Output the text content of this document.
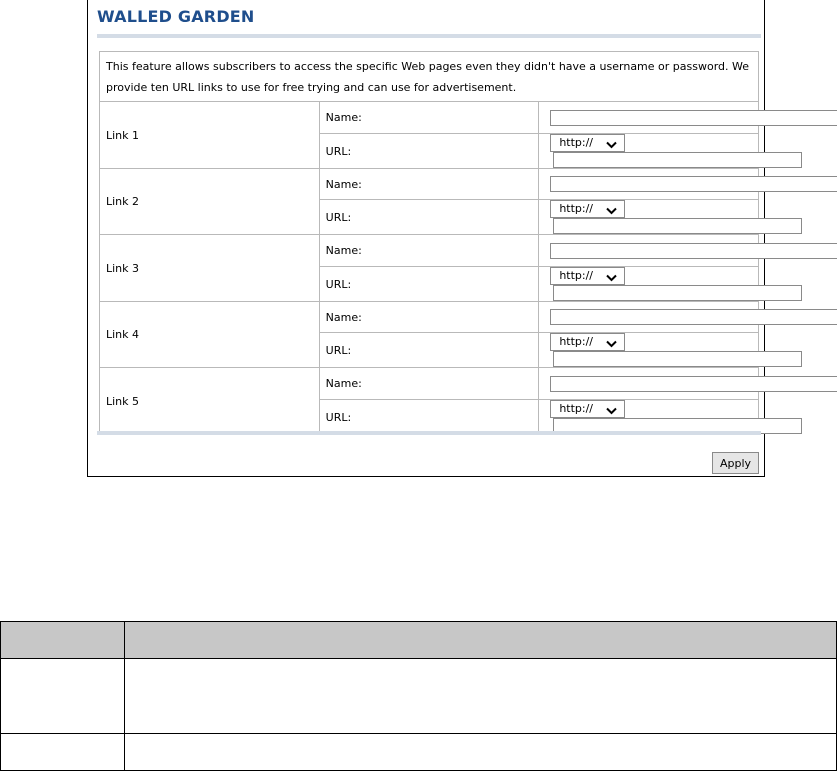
WALLED GARDEN
This feature allows subscribers to access the specific Web pages even they didn't have a username or password. We provide ten URL links to use for free trying and can use for advertisement.		
Link 1	Name:	
	URL:	http://

Link 2	Name:	
	URL:	http://

Link 3	Name:	
	URL:	http://

Link 4	Name:	
	URL:	http://

Link 5	Name:	
	URL:	http://
Apply
